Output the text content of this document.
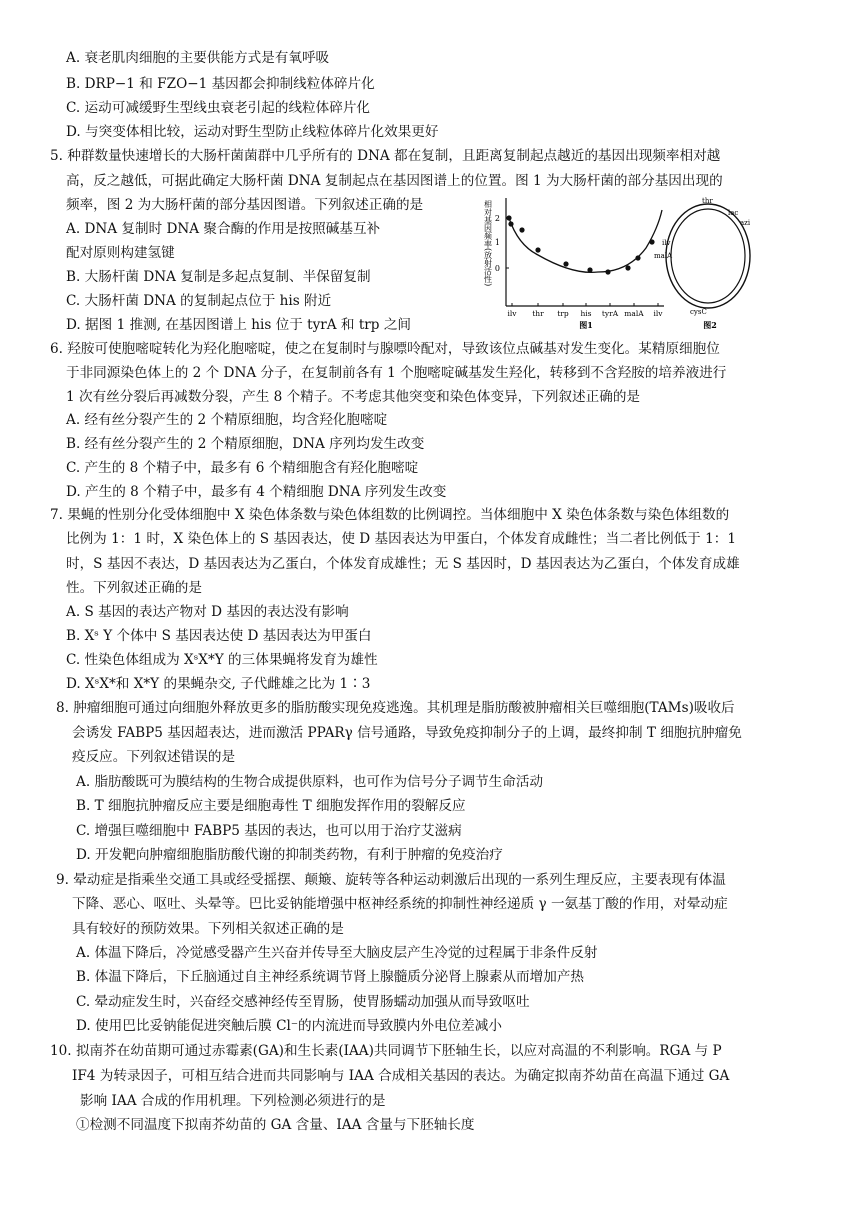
A. 衰老肌肉细胞的主要供能方式是有氧呼吸
B. DRP−1 和 FZO−1 基因都会抑制线粒体碎片化
C. 运动可减缓野生型线虫衰老引起的线粒体碎片化
D. 与突变体相比较，运动对野生型防止线粒体碎片化效果更好
5. 种群数量快速增长的大肠杆菌菌群中几乎所有的 DNA 都在复制，且距离复制起点越近的基因出现频率相对越
高，反之越低，可据此确定大肠杆菌 DNA 复制起点在基因图谱上的位置。图 1 为大肠杆菌的部分基因出现的
频率，图 2 为大肠杆菌的部分基因图谱。下列叙述正确的是
A. DNA 复制时 DNA 聚合酶的作用是按照碱基互补
配对原则构建氢键
B. 大肠杆菌 DNA 复制是多起点复制、半保留复制
C. 大肠杆菌 DNA 的复制起点位于 his 附近
D. 据图 1 推测, 在基因图谱上 his 位于 tyrA 和 trp 之间
6. 羟胺可使胞嘧啶转化为羟化胞嘧啶，使之在复制时与腺嘌呤配对，导致该位点碱基对发生变化。某精原细胞位
于非同源染色体上的 2 个 DNA 分子，在复制前各有 1 个胞嘧啶碱基发生羟化，转移到不含羟胺的培养液进行
1 次有丝分裂后再减数分裂，产生 8 个精子。不考虑其他突变和染色体变异，下列叙述正确的是
A. 经有丝分裂产生的 2 个精原细胞，均含羟化胞嘧啶
B. 经有丝分裂产生的 2 个精原细胞，DNA 序列均发生改变
C. 产生的 8 个精子中，最多有 6 个精细胞含有羟化胞嘧啶
D. 产生的 8 个精子中，最多有 4 个精细胞 DNA 序列发生改变
7. 果蝇的性别分化受体细胞中 X 染色体条数与染色体组数的比例调控。当体细胞中 X 染色体条数与染色体组数的
比例为 1：1 时，X 染色体上的 S 基因表达，使 D 基因表达为甲蛋白，个体发育成雌性；当二者比例低于 1：1
时，S 基因不表达，D 基因表达为乙蛋白，个体发育成雄性；无 S 基因时，D 基因表达为乙蛋白，个体发育成雄
性。下列叙述正确的是
A. S 基因的表达产物对 D 基因的表达没有影响
B. Xˢ Y 个体中 S 基因表达使 D 基因表达为甲蛋白
C. 性染色体组成为 XˢX*Y 的三体果蝇将发育为雄性
D. XˢX*和 X*Y 的果蝇杂交, 子代雌雄之比为 1∶3
8. 肿瘤细胞可通过向细胞外释放更多的脂肪酸实现免疫逃逸。其机理是脂肪酸被肿瘤相关巨噬细胞(TAMs)吸收后
会诱发 FABP5 基因超表达，进而激活 PPARγ 信号通路，导致免疫抑制分子的上调，最终抑制 T 细胞抗肿瘤免
疫反应。下列叙述错误的是
A. 脂肪酸既可为膜结构的生物合成提供原料，也可作为信号分子调节生命活动
B. T 细胞抗肿瘤反应主要是细胞毒性 T 细胞发挥作用的裂解反应
C. 增强巨噬细胞中 FABP5 基因的表达，也可以用于治疗艾滋病
D. 开发靶向肿瘤细胞脂肪酸代谢的抑制类药物，有利于肿瘤的免疫治疗
9. 晕动症是指乘坐交通工具或经受摇摆、颠簸、旋转等各种运动刺激后出现的一系列生理反应，主要表现有体温
下降、恶心、呕吐、头晕等。巴比妥钠能增强中枢神经系统的抑制性神经递质 γ 一氨基丁酸的作用，对晕动症
具有较好的预防效果。下列相关叙述正确的是
A. 体温下降后，冷觉感受器产生兴奋并传导至大脑皮层产生冷觉的过程属于非条件反射
B. 体温下降后，下丘脑通过自主神经系统调节肾上腺髓质分泌肾上腺素从而增加产热
C. 晕动症发生时，兴奋经交感神经传至胃肠，使胃肠蠕动加强从而导致呕吐
D. 使用巴比妥钠能促进突触后膜 Cl⁻的内流进而导致膜内外电位差减小
10. 拟南芥在幼苗期可通过赤霉素(GA)和生长素(IAA)共同调节下胚轴生长，以应对高温的不利影响。RGA 与 P
IF4 为转录因子，可相互结合进而共同影响与 IAA 合成相关基因的表达。为确定拟南芥幼苗在高温下通过 GA
影响 IAA 合成的作用机理。下列检测必须进行的是
①检测不同温度下拟南芥幼苗的 GA 含量、IAA 含量与下胚轴长度
相对基因频率(放射活性) 2
1
0
ilv thr trp his tyrA malA ilv
图1
thr
lac
azi
ilv
malA
cysC
图2
